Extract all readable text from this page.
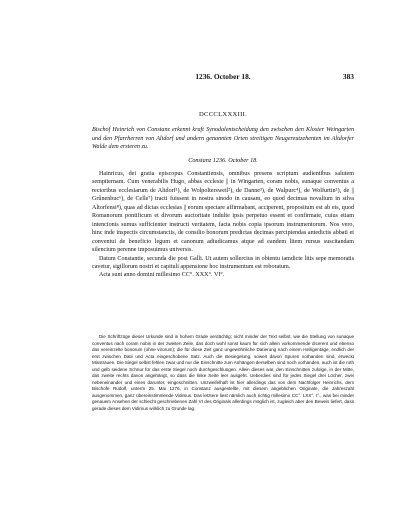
1236. October 18.	383
DCCCLXXXIII.
Bischof Heinrich von Constanz erkennt kraft Synodalentscheidung den zwischen den Kloster Weingarten und den Pfarrherren von Altdorf und andern genannten Orten streitigen Neugereutzehenten im Altdorfer Walde dem ersteren zu.
Constanz 1236. October 18.

Hainricus, dei gratia episcopus Constantiensis, omnibus presens scriptum audientibus salutem sempiternam. Cum venerabilis Hugo, abbas ecclesie || in Wingarten, coram nobis, sunaque conventus a rectoribus ecclesiarum de Altdorf¹), de Wolpoltersweil²), de Danne³), de Walpurc⁴), de Wolfurtin⁵), de || Grûnenbuc⁶), de Celle⁷) tracti fuissent in nostra sinodo in causam, eo quod decimas novalium in silva Altorfensi⁸), quas ad dictas ecclesias || eorum spectare affirmabant, acciperent, propositum est ab eis, quod Romanorum pontificum et divorum auctoritate indulte ipsis perpetuo essent et confirmate, cuius etiam intencionis sumus sufficienter instructi veritatem, facta nobis copia ipsorum instrumentorum. Nos vero, hinc inde inspectis circumstanciis, de consilio bonorum predictas decimas percipiendas antedictis abbati et conventui de beneficio legum et canonum adiudicamus atque ad eandem litem rursus suscitandam silencium perenne imposuimus universis.

Datum Constantie, secunda die post Galli. Ut autem sollercius in obtentu iamdicte litis sepe memoratis cavetur, sigillorum nostri et capituli appensione hoc instrumentum est roboratum.

Acta sunt anno domini millesimo CC°. XXX°. VI°.

Die Schriftzüge dieser Urkunde sind in hohem Grade verdächtig; nicht minder der Text selbst, wie die Stellung von sunaque conventus nach coram nobis in der zweiten Zeile, das doch wohl sonst kaum für sich allein vorkommende dicerent und ebenso das vereinzelte bonorum (ohne virorum); die für diese Zeit ganz ungewöhnliche Datierung nach einem Heiligentage, endlich der erst zwischen Datii und Acta eingeschobene Satz. Auch die Besiegelung, soweit davon Spuren vorhanden sind, erweckt Misstrauen. Die Siegel selbst fehlen zwar und nur die Einschnitte zum Anhängen derselben sind noch vorhanden, auch ist die roth und gelb seidene Schnur für das erste Siegel noch durchgeschlungen. Allein dieses war, den Einschnitten zufolge, in der Mitte, das zweite rechts davon angehängt, so dass die linke Seite leer ausgeht. Ueberdies sind für jedes Siegel drei Löcher, zwei nebeneinander und eines darunter, eingeschnitten. Unzweifelhaft ist hier allerdings das von dem Nachfolger Heinrichs, dem Bischofe Rudolf, unterm 25. Mai 1276, in Constanz ausgestellte, mit diesem angeblichen Originale, die Jahreszahl ausgenommen, ganz übereinstimmende Vidimus. Das letztere liest nämlich auch richtig millesimo CC°. LXX°. I°., was bei minder genauem Ansehen der schlecht geschriebenen Zahl VI des Originals allerdings möglich ist, zugleich aber den Beweis liefert, dass gerade dieses dem Vidimus wirklich zu Grunde lag.
